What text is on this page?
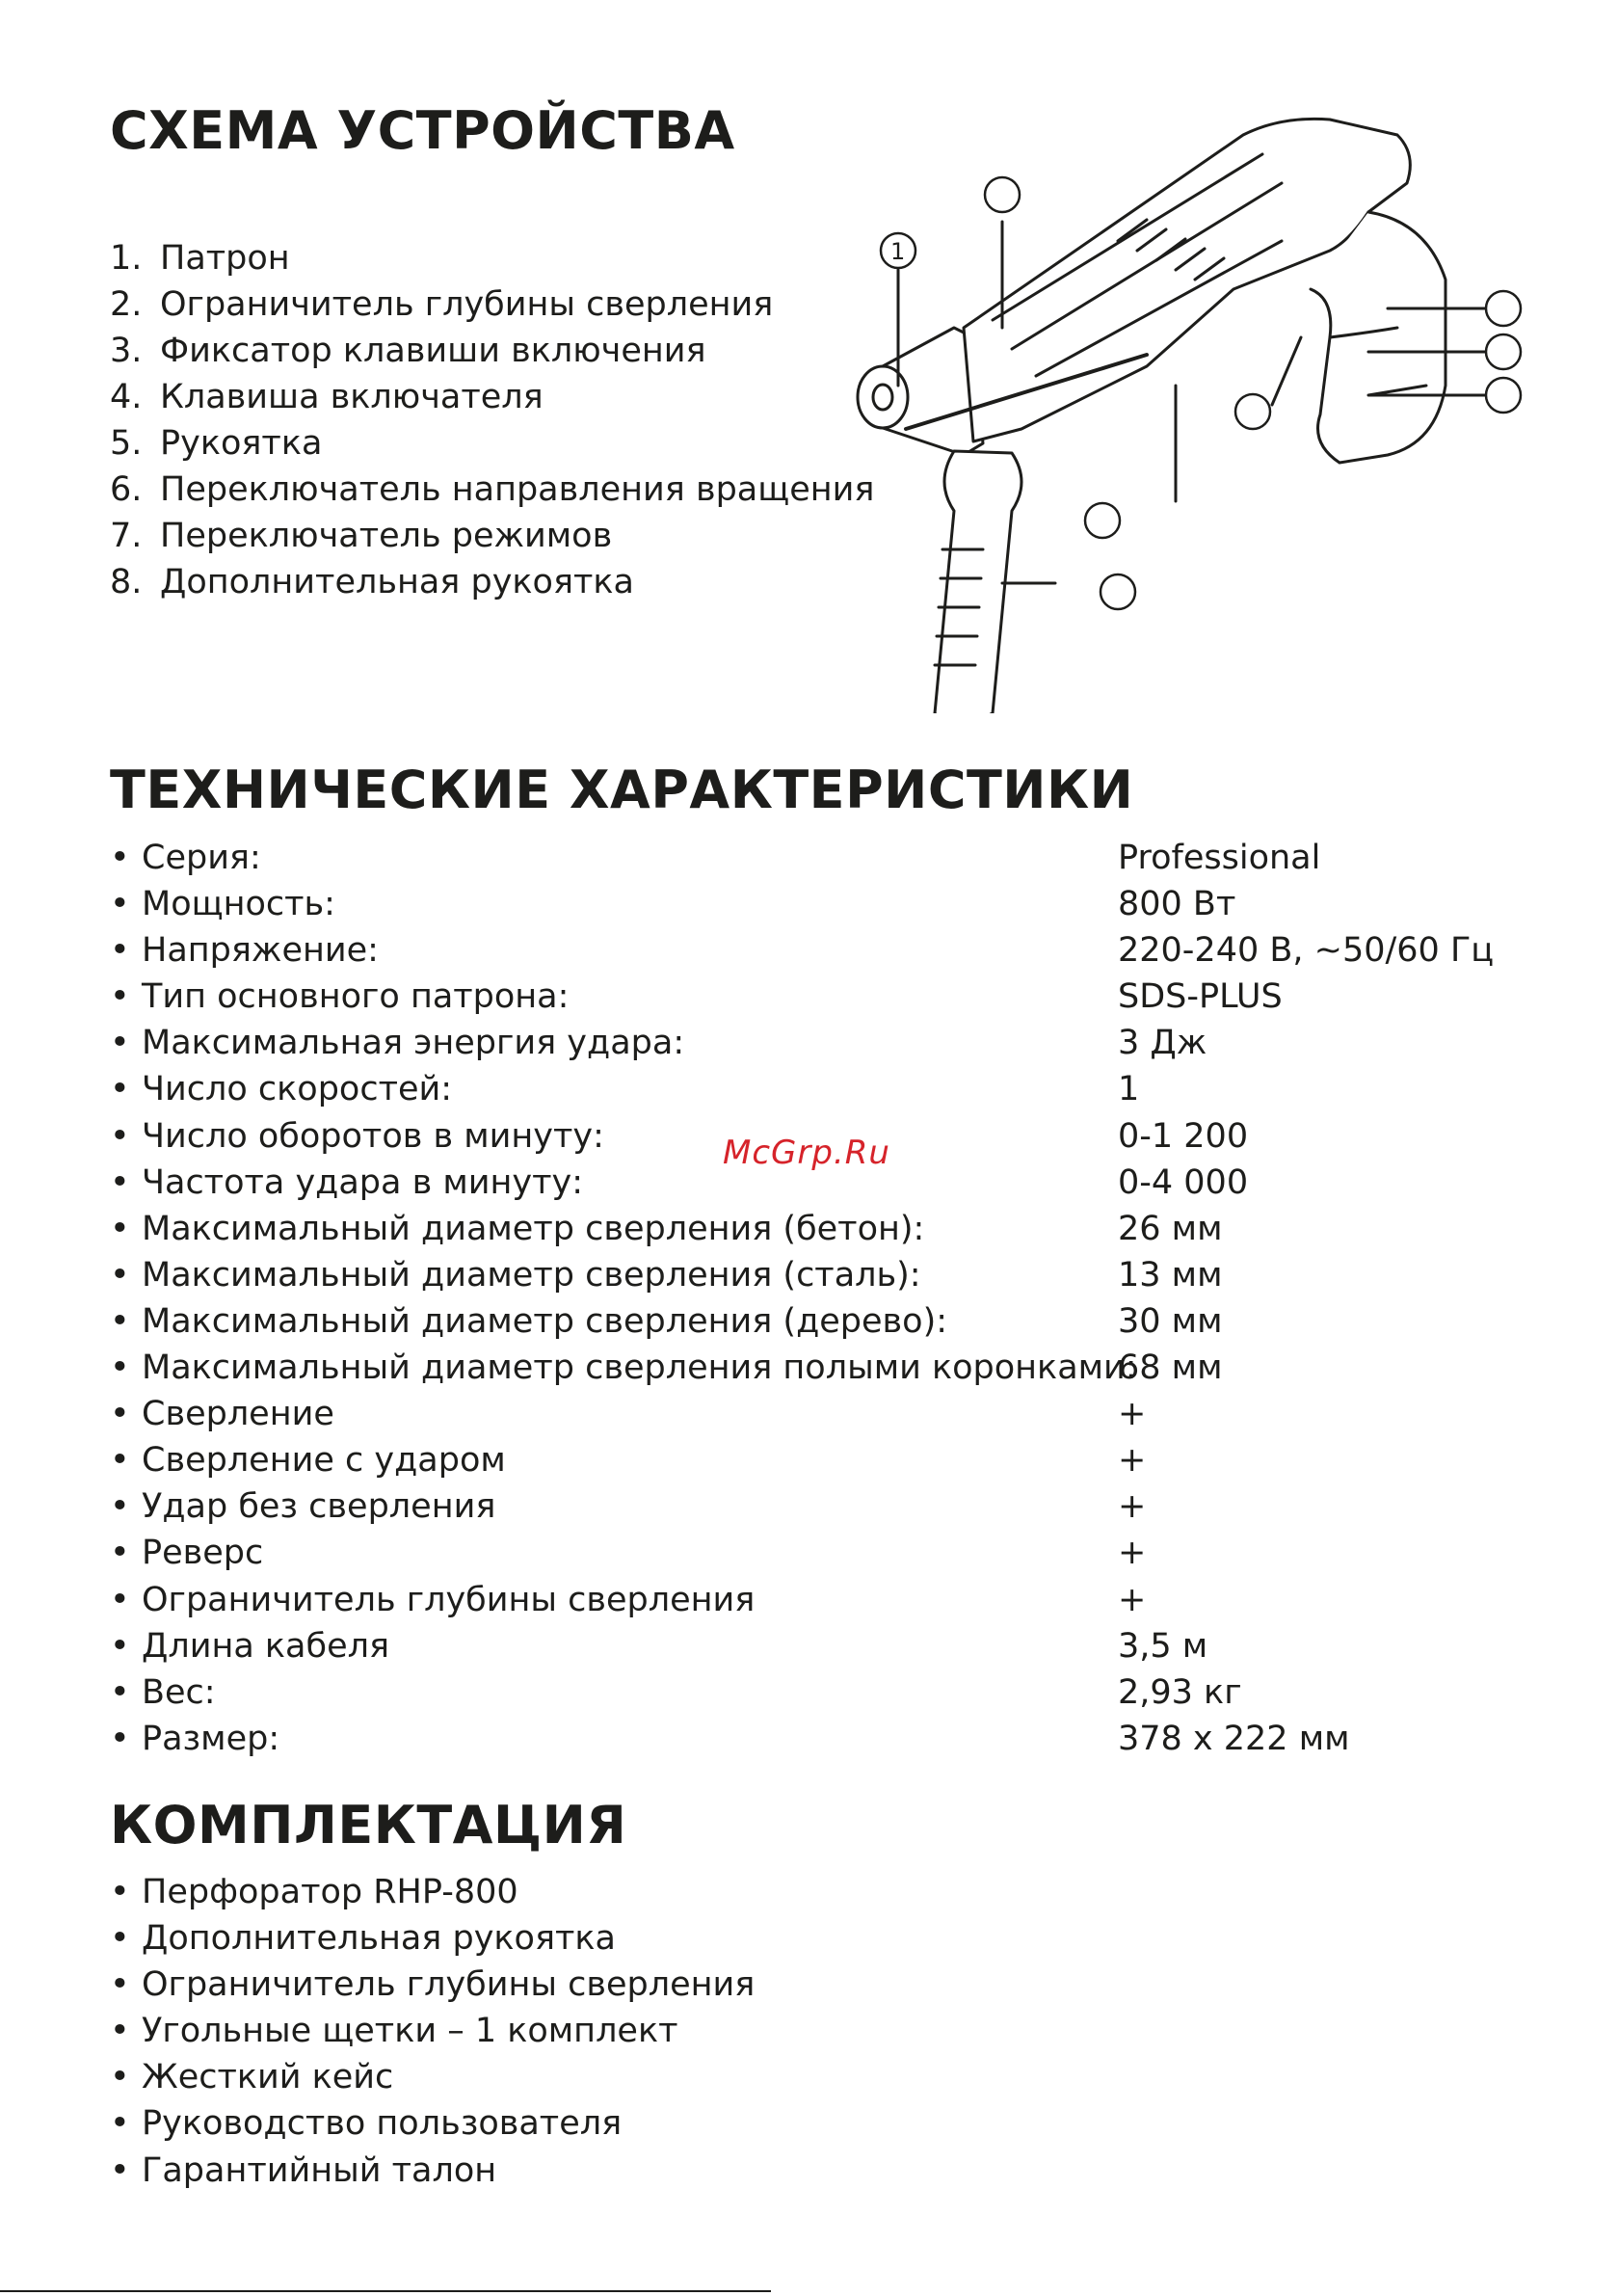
СХЕМА УСТРОЙСТВА
1. Патрон
2. Ограничитель глубины сверления
3. Фиксатор клавиши включения
4. Клавиша включателя
5. Рукоятка
6. Переключатель направления вращения
7. Переключатель режимов
8. Дополнительная рукоятка
1
ТЕХНИЧЕСКИЕ ХАРАКТЕРИСТИКИ
• Серия:	Professional
• Мощность:	800 Вт
• Напряжение:	220-240 В, ~50/60 Гц
• Тип основного патрона:	SDS-PLUS
• Максимальная энергия удара:	3 Дж
• Число скоростей:	1
• Число оборотов в минуту:	0-1 200
• Частота удара в минуту:	0-4 000
• Максимальный диаметр сверления (бетон):	26 мм
• Максимальный диаметр сверления (сталь):	13 мм
• Максимальный диаметр сверления (дерево):	30 мм
• Максимальный диаметр сверления полыми коронками:
68 мм
• Сверление	+
• Сверление с ударом	+
• Удар без сверления	+
• Реверс	+
• Ограничитель глубины сверления	+
• Длина кабеля	3,5 м
• Вес:	2,93 кг
• Размер:	378 х 222 мм
McGrp.Ru
КОМПЛЕКТАЦИЯ
• Перфоратор RHP-800
• Дополнительная рукоятка
• Ограничитель глубины сверления
• Угольные щетки – 1 комплект
• Жесткий кейс
• Руководство пользователя
• Гарантийный талон
